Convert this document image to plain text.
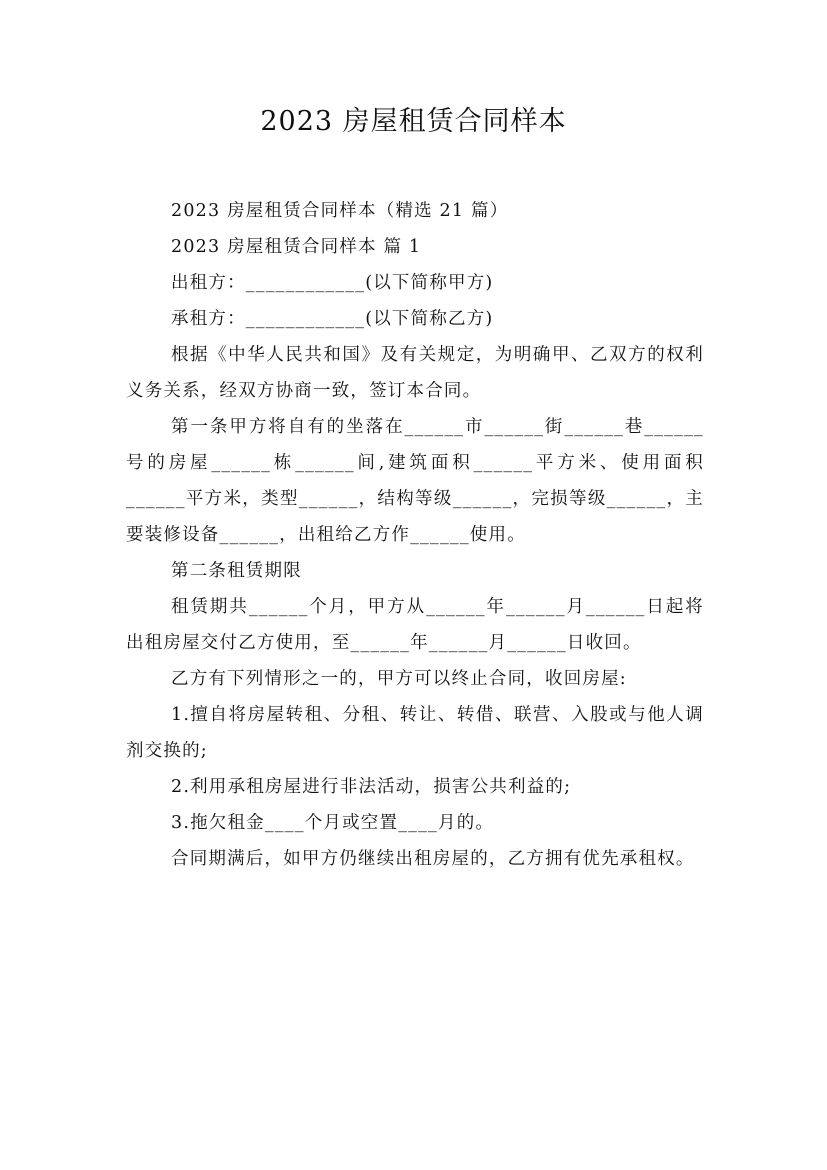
2023 房屋租赁合同样本

2023 房屋租赁合同样本（精选 21 篇）

2023 房屋租赁合同样本 篇 1

出租方：____________(以下简称甲方)

承租方：____________(以下简称乙方)

根据《中华人民共和国》及有关规定，为明确甲、乙双方的权利义务关系，经双方协商一致，签订本合同。

第一条甲方将自有的坐落在______市______街______巷______号的房屋______栋______间,建筑面积______平方米、使用面积______平方米，类型______，结构等级______，完损等级______，主要装修设备______，出租给乙方作______使用。

第二条租赁期限

租赁期共______个月，甲方从______年______月______日起将出租房屋交付乙方使用，至______年______月______日收回。

乙方有下列情形之一的，甲方可以终止合同，收回房屋:

1.擅自将房屋转租、分租、转让、转借、联营、入股或与他人调剂交换的;

2.利用承租房屋进行非法活动，损害公共利益的;

3.拖欠租金____个月或空置____月的。

合同期满后，如甲方仍继续出租房屋的，乙方拥有优先承租权。
